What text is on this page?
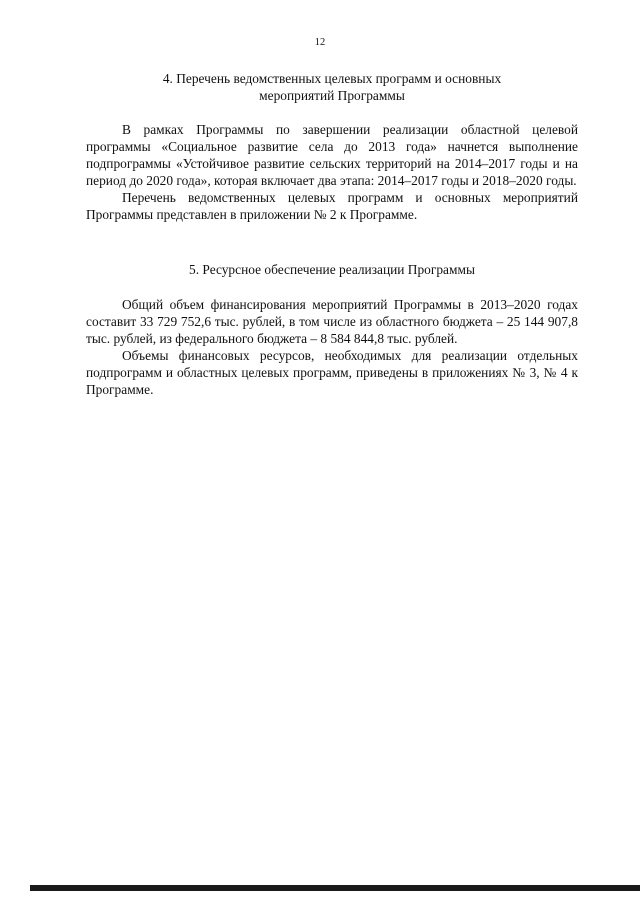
12

4. Перечень ведомственных целевых программ и основных мероприятий Программы

В рамках Программы по завершении реализации областной целевой программы «Социальное развитие села до 2013 года» начнется выполнение подпрограммы «Устойчивое развитие сельских территорий на 2014–2017 годы и на период до 2020 года», которая включает два этапа: 2014–2017 годы и 2018–2020 годы.

Перечень ведомственных целевых программ и основных мероприятий Программы представлен в приложении № 2 к Программе.

5. Ресурсное обеспечение реализации Программы

Общий объем финансирования мероприятий Программы в 2013–2020 годах составит 33 729 752,6 тыс. рублей, в том числе из областного бюджета – 25 144 907,8 тыс. рублей, из федерального бюджета – 8 584 844,8 тыс. рублей.

Объемы финансовых ресурсов, необходимых для реализации отдельных подпрограмм и областных целевых программ, приведены в приложениях № 3, № 4 к Программе.
